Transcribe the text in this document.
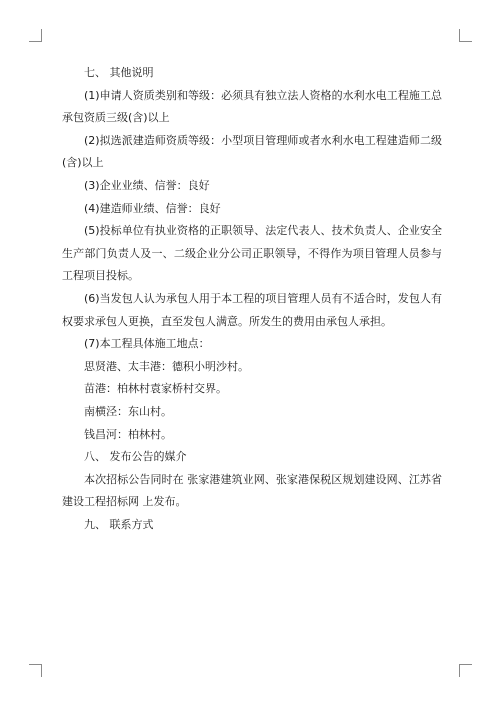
七、 其他说明

(1)申请人资质类别和等级：必须具有独立法人资格的水利水电工程施工总承包资质三级(含)以上

(2)拟选派建造师资质等级：小型项目管理师或者水利水电工程建造师二级(含)以上

(3)企业业绩、信誉：良好

(4)建造师业绩、信誉：良好

(5)投标单位有执业资格的正职领导、法定代表人、技术负责人、企业安全生产部门负责人及一、二级企业分公司正职领导，不得作为项目管理人员参与工程项目投标。

(6)当发包人认为承包人用于本工程的项目管理人员有不适合时，发包人有权要求承包人更换，直至发包人满意。所发生的费用由承包人承担。

(7)本工程具体施工地点：

思贤港、太丰港：德积小明沙村。

苗港：柏林村袁家桥村交界。

南横泾：东山村。

钱昌河：柏林村。

八、 发布公告的媒介

本次招标公告同时在 张家港建筑业网、张家港保税区规划建设网、江苏省建设工程招标网 上发布。

九、 联系方式
